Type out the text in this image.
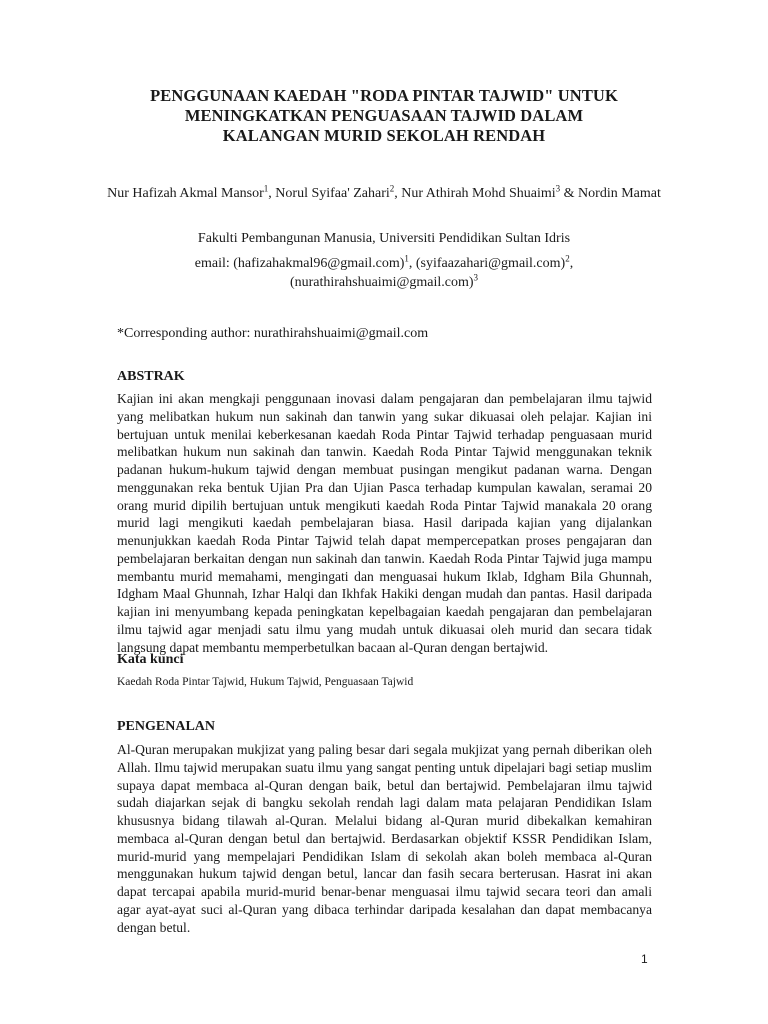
PENGGUNAAN KAEDAH "RODA PINTAR TAJWID" UNTUK
MENINGKATKAN PENGUASAAN TAJWID DALAM
KALANGAN MURID SEKOLAH RENDAH
Nur Hafizah Akmal Mansor$^1$, Norul Syifaa' Zahari$^2$, Nur Athirah Mohd Shuaimi$^3$ & Nordin Mamat
Fakulti Pembangunan Manusia, Universiti Pendidikan Sultan Idris
email: (hafizahakmal96@gmail.com)$^1$, (syifaazahari@gmail.com)$^2$,
(nurathirahshuaimi@gmail.com)$^3$
*Corresponding author: nurathirahshuaimi@gmail.com
ABSTRAK
Kajian ini akan mengkaji penggunaan inovasi dalam pengajaran dan pembelajaran ilmu tajwid yang melibatkan hukum nun sakinah dan tanwin yang sukar dikuasai oleh pelajar. Kajian ini bertujuan untuk menilai keberkesanan kaedah Roda Pintar Tajwid terhadap penguasaan murid melibatkan hukum nun sakinah dan tanwin. Kaedah Roda Pintar Tajwid menggunakan teknik padanan hukum-hukum tajwid dengan membuat pusingan mengikut padanan warna. Dengan menggunakan reka bentuk Ujian Pra dan Ujian Pasca terhadap kumpulan kawalan, seramai 20 orang murid dipilih bertujuan untuk mengikuti kaedah Roda Pintar Tajwid manakala 20 orang murid lagi mengikuti kaedah pembelajaran biasa. Hasil daripada kajian yang dijalankan menunjukkan kaedah Roda Pintar Tajwid telah dapat mempercepatkan proses pengajaran dan pembelajaran berkaitan dengan nun sakinah dan tanwin. Kaedah Roda Pintar Tajwid juga mampu membantu murid memahami, mengingati dan menguasai hukum Iklab, Idgham Bila Ghunnah, Idgham Maal Ghunnah, Izhar Halqi dan Ikhfak Hakiki dengan mudah dan pantas. Hasil daripada kajian ini menyumbang kepada peningkatan kepelbagaian kaedah pengajaran dan pembelajaran ilmu tajwid agar menjadi satu ilmu yang mudah untuk dikuasai oleh murid dan secara tidak langsung dapat membantu memperbetulkan bacaan al-Quran dengan bertajwid.
Kata kunci
Kaedah Roda Pintar Tajwid, Hukum Tajwid, Penguasaan Tajwid
PENGENALAN
Al-Quran merupakan mukjizat yang paling besar dari segala mukjizat yang pernah diberikan oleh Allah. Ilmu tajwid merupakan suatu ilmu yang sangat penting untuk dipelajari bagi setiap muslim supaya dapat membaca al-Quran dengan baik, betul dan bertajwid. Pembelajaran ilmu tajwid sudah diajarkan sejak di bangku sekolah rendah lagi dalam mata pelajaran Pendidikan Islam khususnya bidang tilawah al-Quran. Melalui bidang al-Quran murid dibekalkan kemahiran membaca al-Quran dengan betul dan bertajwid. Berdasarkan objektif KSSR Pendidikan Islam, murid-murid yang mempelajari Pendidikan Islam di sekolah akan boleh membaca al-Quran menggunakan hukum tajwid dengan betul, lancar dan fasih secara berterusan. Hasrat ini akan dapat tercapai apabila murid-murid benar-benar menguasai ilmu tajwid secara teori dan amali agar ayat-ayat suci al-Quran yang dibaca terhindar daripada kesalahan dan dapat membacanya dengan betul.
1
